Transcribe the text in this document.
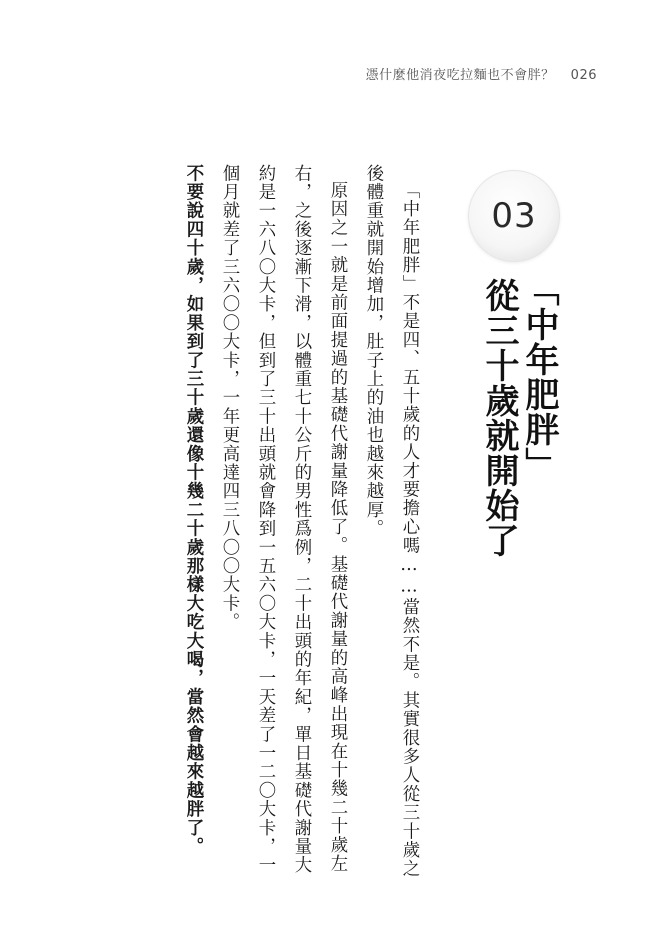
憑什麼他消夜吃拉麵也不會胖？ 026
03
「中年肥胖」
從三十歲就開始了

「中年肥胖」不是四、五十歲的人才要擔心嗎……當然不是。其實很多人從三十歲之後體重就開始增加，肚子上的油也越來越厚。

原因之一就是前面提過的基礎代謝量降低了。基礎代謝量的高峰出現在十幾二十歲左右，之後逐漸下滑，以體重七十公斤的男性爲例，二十出頭的年紀，單日基礎代謝量大約是一六八〇大卡，但到了三十出頭就會降到一五六〇大卡，一天差了一二〇大卡，一個月就差了三六〇〇大卡，一年更高達四三八〇〇大卡。

不要說四十歲，如果到了三十歲還像十幾二十歲那樣大吃大喝，當然會越來越胖了。
